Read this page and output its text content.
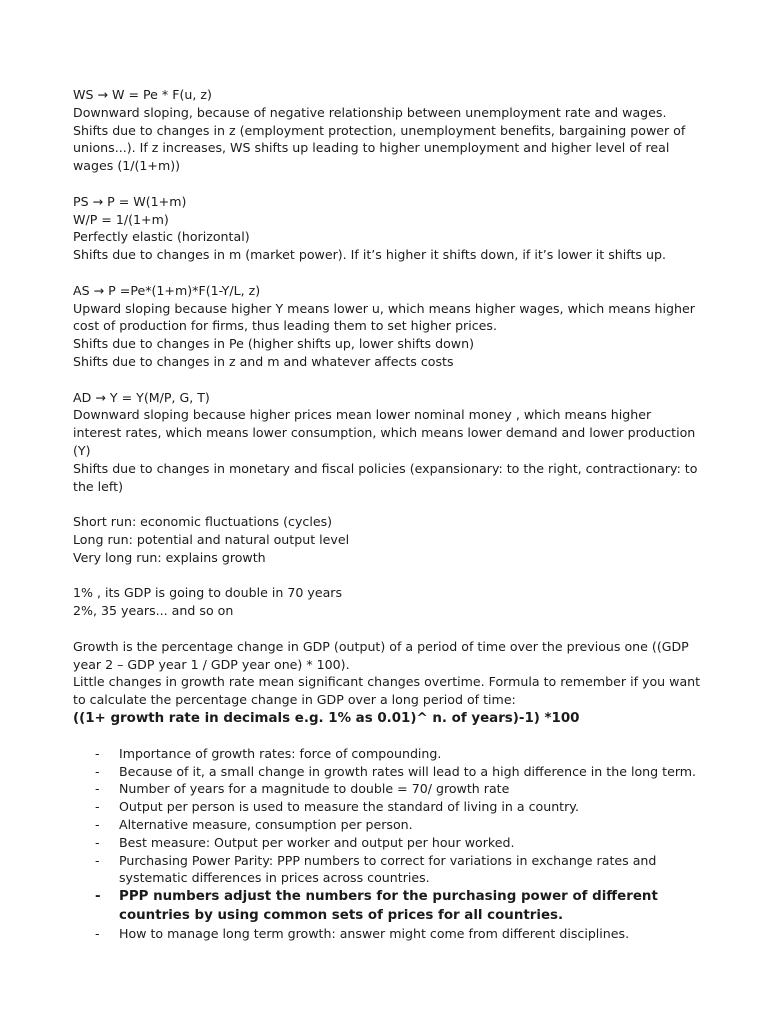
WS → W = Pe * F(u, z)
Downward sloping, because of negative relationship between unemployment rate and wages.
Shifts due to changes in z (employment protection, unemployment benefits, bargaining power of unions...). If z increases, WS shifts up leading to higher unemployment and higher level of real wages (1/(1+m))
PS → P = W(1+m)
W/P = 1/(1+m)
Perfectly elastic (horizontal)
Shifts due to changes in m (market power). If it’s higher it shifts down, if it’s lower it shifts up.
AS → P =Pe*(1+m)*F(1-Y/L, z)
Upward sloping because higher Y means lower u, which means higher wages, which means higher cost of production for firms, thus leading them to set higher prices.
Shifts due to changes in Pe (higher shifts up, lower shifts down)
Shifts due to changes in z and m and whatever affects costs
AD → Y = Y(M/P, G, T)
Downward sloping because higher prices mean lower nominal money , which means higher interest rates, which means lower consumption, which means lower demand and lower production (Y)
Shifts due to changes in monetary and fiscal policies (expansionary: to the right, contractionary: to the left)
Short run: economic fluctuations (cycles)
Long run: potential and natural output level
Very long run: explains growth
1% , its GDP is going to double in 70 years
2%, 35 years... and so on
Growth is the percentage change in GDP (output) of a period of time over the previous one ((GDP year 2 – GDP year 1 / GDP year one) * 100).
Little changes in growth rate mean significant changes overtime. Formula to remember if you want to calculate the percentage change in GDP over a long period of time:
((1+ growth rate in decimals e.g. 1% as 0.01)^ n. of years)-1) *100
- Importance of growth rates: force of compounding.
- Because of it, a small change in growth rates will lead to a high difference in the long term.
- Number of years for a magnitude to double = 70/ growth rate
- Output per person is used to measure the standard of living in a country.
- Alternative measure, consumption per person.
- Best measure: Output per worker and output per hour worked.
- Purchasing Power Parity: PPP numbers to correct for variations in exchange rates and systematic differences in prices across countries.
- PPP numbers adjust the numbers for the purchasing power of different countries by using common sets of prices for all countries.
- How to manage long term growth: answer might come from different disciplines.
